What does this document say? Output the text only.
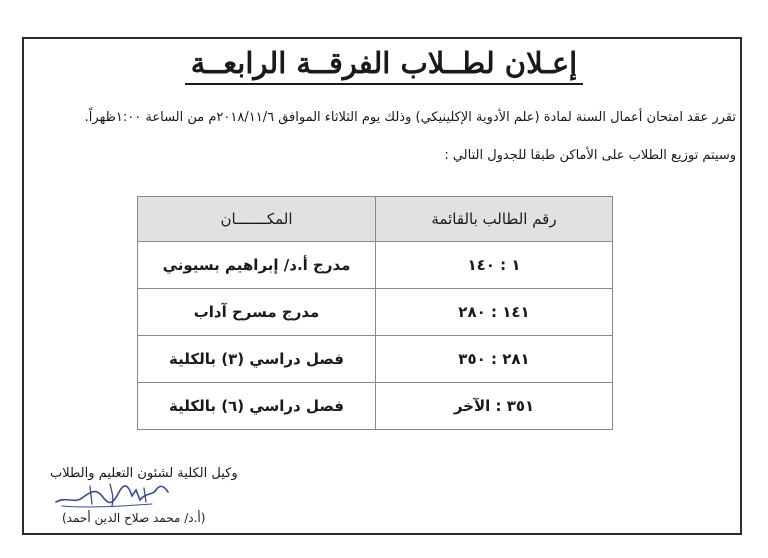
إعـلان لطــلاب الفرقــة الرابعــة
تقرر عقد امتحان أعمال السنة لمادة (علم الأدوية الإكلينيكي) وذلك يوم الثلاثاء الموافق ٢٠١٨/١١/٦م من الساعة ١:٠٠ظهراً.
وسيتم توزيع الطلاب على الأماكن طبقا للجدول التالي :
رقم الطالب بالقائمة	المكـــــــان
١ : ١٤٠	مدرج أ.د/ إبراهيم بسيوني
١٤١ : ٢٨٠	مدرج مسرح آداب
٢٨١ : ٣٥٠	فصل دراسي (٣) بالكلية
٣٥١ : الآخر	فصل دراسي (٦) بالكلية
وكيل الكلية لشئون التعليم والطلاب
(أ.د/ محمد صلاح الدين أحمد)
